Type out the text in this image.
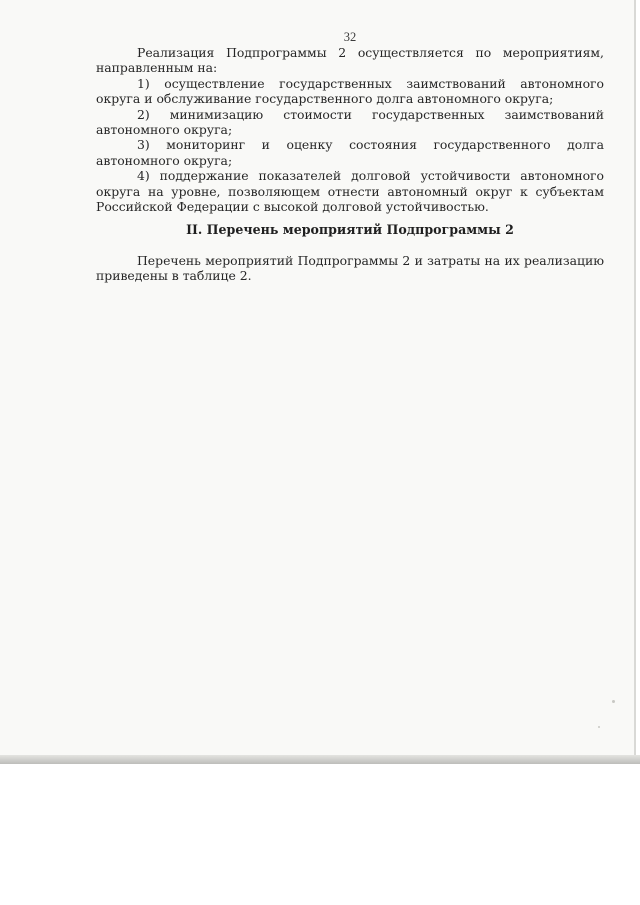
32

Реализация Подпрограммы 2 осуществляется по мероприятиям, направленным на:

1) осуществление государственных заимствований автономного округа и обслуживание государственного долга автономного округа;

2) минимизацию стоимости государственных заимствований автономного округа;

3) мониторинг и оценку состояния государственного долга автономного округа;

4) поддержание показателей долговой устойчивости автономного округа на уровне, позволяющем отнести автономный округ к субъектам Российской Федерации с высокой долговой устойчивостью.

II. Перечень мероприятий Подпрограммы 2

Перечень мероприятий Подпрограммы 2 и затраты на их реализацию приведены в таблице 2.
